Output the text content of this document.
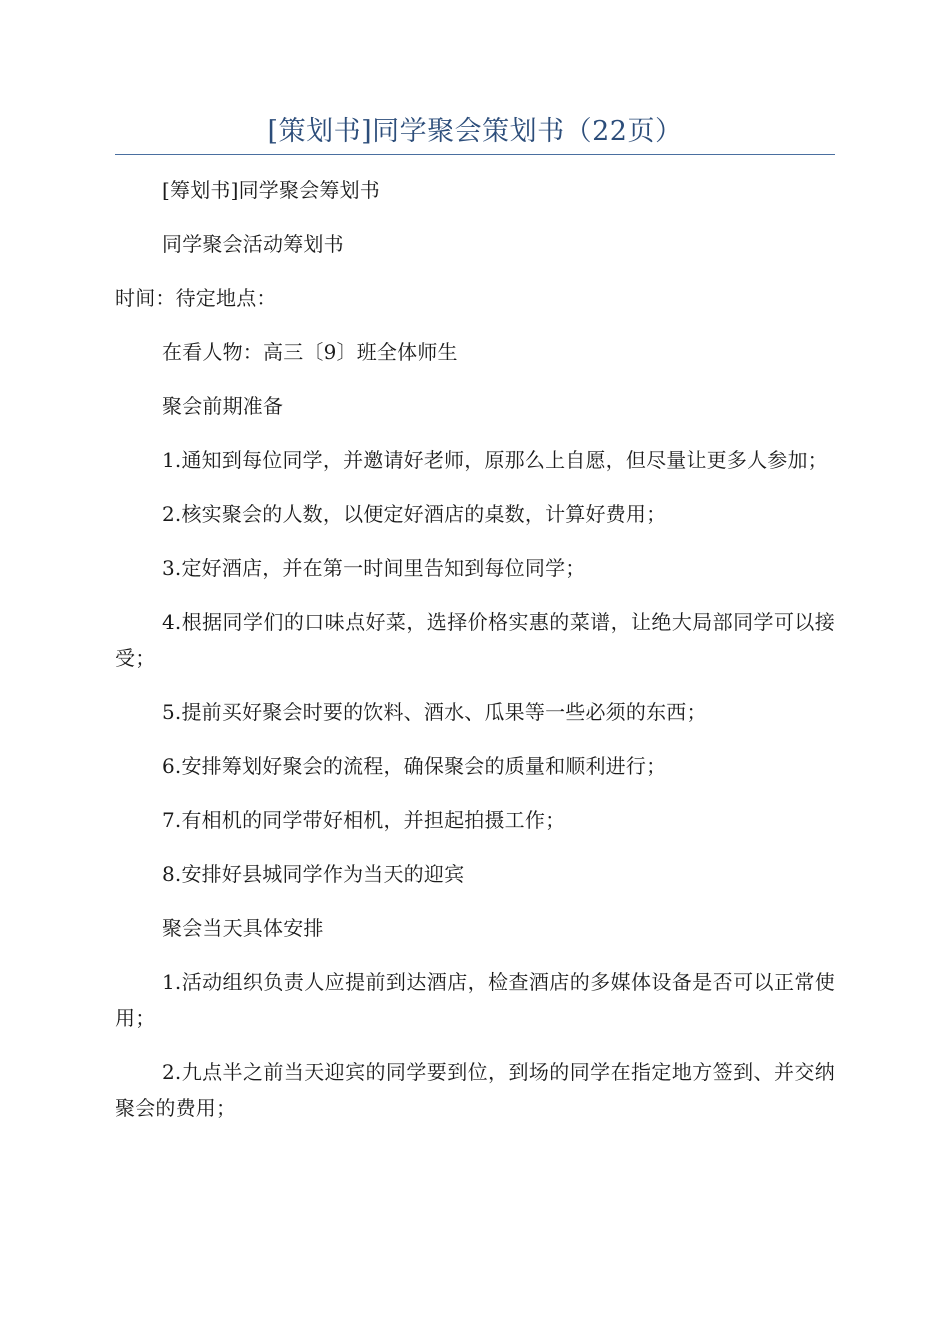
[策划书]同学聚会策划书（22页）

[筹划书]同学聚会筹划书

同学聚会活动筹划书

时间：待定地点：

在看人物：高三〔9〕班全体师生

聚会前期准备

1.通知到每位同学，并邀请好老师，原那么上自愿，但尽量让更多人参加；

2.核实聚会的人数，以便定好酒店的桌数，计算好费用；

3.定好酒店，并在第一时间里告知到每位同学；

4.根据同学们的口味点好菜，选择价格实惠的菜谱，让绝大局部同学可以接受；

5.提前买好聚会时要的饮料、酒水、瓜果等一些必须的东西；

6.安排筹划好聚会的流程，确保聚会的质量和顺利进行；

7.有相机的同学带好相机，并担起拍摄工作；

8.安排好县城同学作为当天的迎宾

聚会当天具体安排

1.活动组织负责人应提前到达酒店，检查酒店的多媒体设备是否可以正常使用；

2.九点半之前当天迎宾的同学要到位，到场的同学在指定地方签到、并交纳聚会的费用；
